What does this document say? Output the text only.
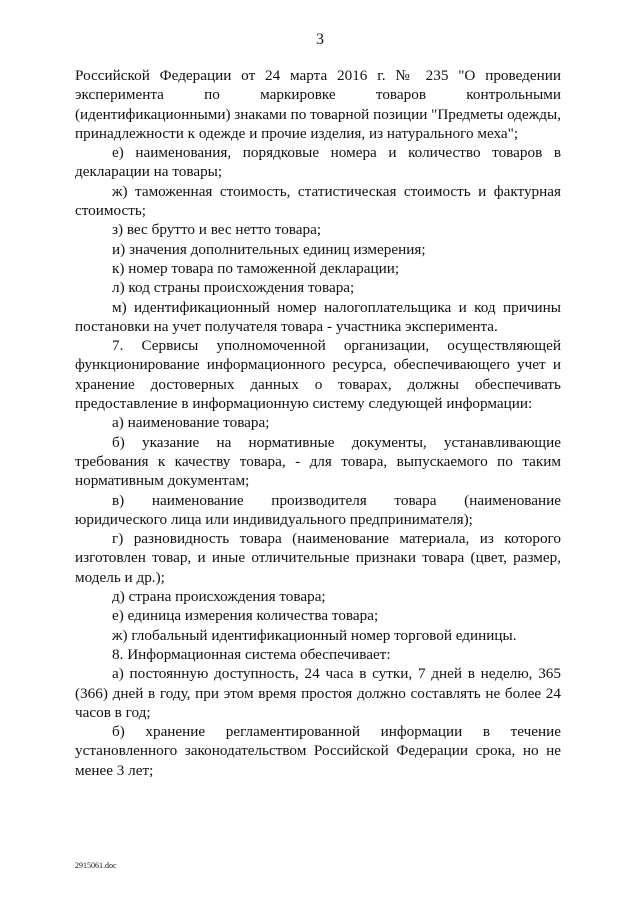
3

Российской Федерации от 24 марта 2016 г. № 235 "О проведении эксперимента по маркировке товаров контрольными (идентификационными) знаками по товарной позиции "Предметы одежды, принадлежности к одежде и прочие изделия, из натурального меха";

е) наименования, порядковые номера и количество товаров в декларации на товары;

ж) таможенная стоимость, статистическая стоимость и фактурная стоимость;

з) вес брутто и вес нетто товара;

и) значения дополнительных единиц измерения;

к) номер товара по таможенной декларации;

л) код страны происхождения товара;

м) идентификационный номер налогоплательщика и код причины постановки на учет получателя товара - участника эксперимента.

7. Сервисы уполномоченной организации, осуществляющей функционирование информационного ресурса, обеспечивающего учет и хранение достоверных данных о товарах, должны обеспечивать предоставление в информационную систему следующей информации:

а) наименование товара;

б) указание на нормативные документы, устанавливающие требования к качеству товара, - для товара, выпускаемого по таким нормативным документам;

в) наименование производителя товара (наименование юридического лица или индивидуального предпринимателя);

г) разновидность товара (наименование материала, из которого изготовлен товар, и иные отличительные признаки товара (цвет, размер, модель и др.);

д) страна происхождения товара;

е) единица измерения количества товара;

ж) глобальный идентификационный номер торговой единицы.

8. Информационная система обеспечивает:

а) постоянную доступность, 24 часа в сутки, 7 дней в неделю, 365 (366) дней в году, при этом время простоя должно составлять не более 24 часов в год;

б) хранение регламентированной информации в течение установленного законодательством Российской Федерации срока, но не менее 3 лет;

2915061.doc
